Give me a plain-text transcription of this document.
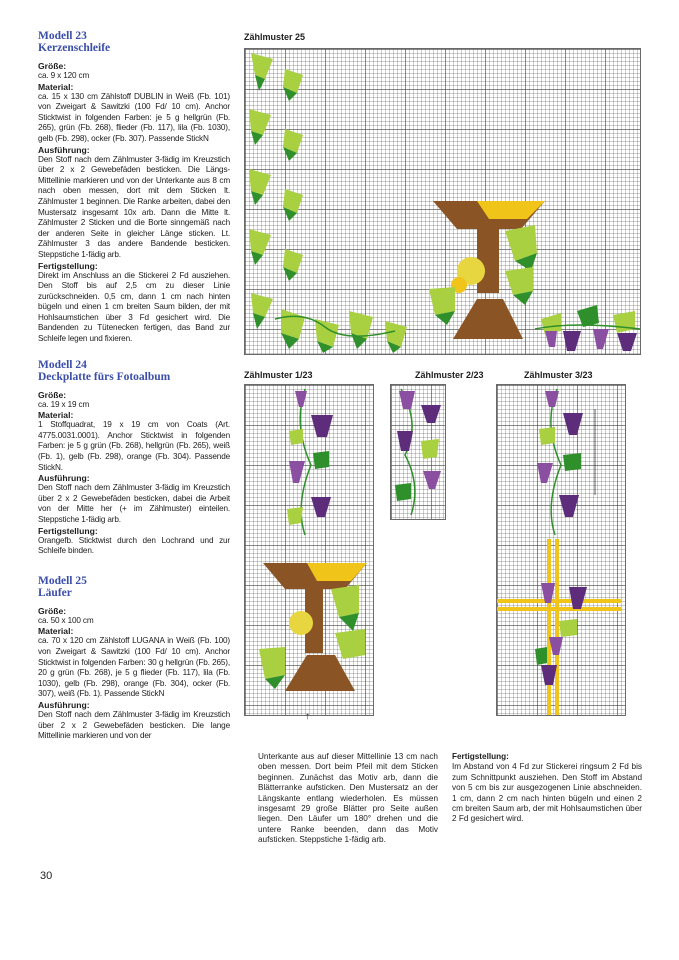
Modell 23

Kerzenschleife

Größe:
ca. 9 x 120 cm
Material:
ca. 15 x 130 cm Zählstoff DUBLIN in Weiß (Fb. 101) von Zweigart & Sawitzki (100 Fd/ 10 cm). Anchor Sticktwist in folgenden Farben: je 5 g hellgrün (Fb. 265), grün (Fb. 268), flieder (Fb. 117), lila (Fb. 1030), gelb (Fb. 298), ocker (Fb. 307). Passende StickN
Ausführung:
Den Stoff nach dem Zählmuster 3-fädig im Kreuzstich über 2 x 2 Gewebefäden besticken. Die Längs-Mittellinie markieren und von der Unterkante aus 8 cm nach oben messen, dort mit dem Sticken lt. Zählmuster 1 beginnen. Die Ranke arbeiten, dabei den Mustersatz insgesamt 10x arb. Dann die Mitte lt. Zählmuster 2 Sticken und die Borte sinngemäß nach der anderen Seite in gleicher Länge sticken. Lt. Zählmuster 3 das andere Bandende besticken. Steppstiche 1-fädig arb.
Fertigstellung:
Direkt im Anschluss an die Stickerei 2 Fd ausziehen. Den Stoff bis auf 2,5 cm zu dieser Linie zurückschneiden. 0,5 cm, dann 1 cm nach hinten bügeln und einen 1 cm breiten Saum bilden, der mit Hohlsaumstichen über 3 Fd gesichert wird. Die Bandenden zu Tütenecken fertigen, das Band zur Schleife legen und fixieren.

Modell 24

Deckplatte fürs Fotoalbum

Größe:
ca. 19 x 19 cm
Material:
1 Stoffquadrat, 19 x 19 cm von Coats (Art. 4775.0031.0001). Anchor Sticktwist in folgenden Farben: je 5 g grün (Fb. 268), hellgrün (Fb. 265), weiß (Fb. 1), gelb (Fb. 298), orange (Fb. 304). Passende StickN.
Ausführung:
Den Stoff nach dem Zählmuster 3-fädig im Kreuzstich über 2 x 2 Gewebefäden besticken, dabei die Arbeit von der Mitte her (+ im Zählmuster) einteilen. Steppstiche 1-fädig arb.
Fertigstellung:
Orangefb. Sticktwist durch den Lochrand und zur Schleife binden.

Modell 25

Läufer

Größe:
ca. 50 x 100 cm
Material:
ca. 70 x 120 cm Zählstoff LUGANA in Weiß (Fb. 100) von Zweigart & Sawitzki (100 Fd/ 10 cm). Anchor Sticktwist in folgenden Farben: 30 g hellgrün (Fb. 265), 20 g grün (Fb. 268), je 5 g flieder (Fb. 117), lila (Fb. 1030), gelb (Fb. 298), orange (Fb. 304), ocker (Fb. 307), weiß (Fb. 1). Passende StickN
Ausführung:
Den Stoff nach dem Zählmuster 3-fädig im Kreuzstich über 2 x 2 Gewebefäden besticken. Die lange Mittellinie markieren und von der
30
Zählmuster 25
Zählmuster 1/23
↑
Zählmuster 2/23	Zählmuster 3/23
Unterkante aus auf dieser Mittellinie 13 cm nach oben messen. Dort beim Pfeil mit dem Sticken beginnen. Zunächst das Motiv arb, dann die Blätterranke aufsticken. Den Mustersatz an der Längskante entlang wiederholen. Es müssen insgesamt 29 große Blätter pro Seite außen liegen. Den Läufer um 180° drehen und die untere Ranke beenden, dann das Motiv aufsticken. Steppstiche 1-fädig arb.
Fertigstellung:
Im Abstand von 4 Fd zur Stickerei ringsum 2 Fd bis zum Schnittpunkt ausziehen. Den Stoff im Abstand von 5 cm bis zur ausgezogenen Linie abschneiden. 1 cm, dann 2 cm nach hinten bügeln und einen 2 cm breiten Saum arb, der mit Hohlsaumstichen über 2 Fd gesichert wird.
